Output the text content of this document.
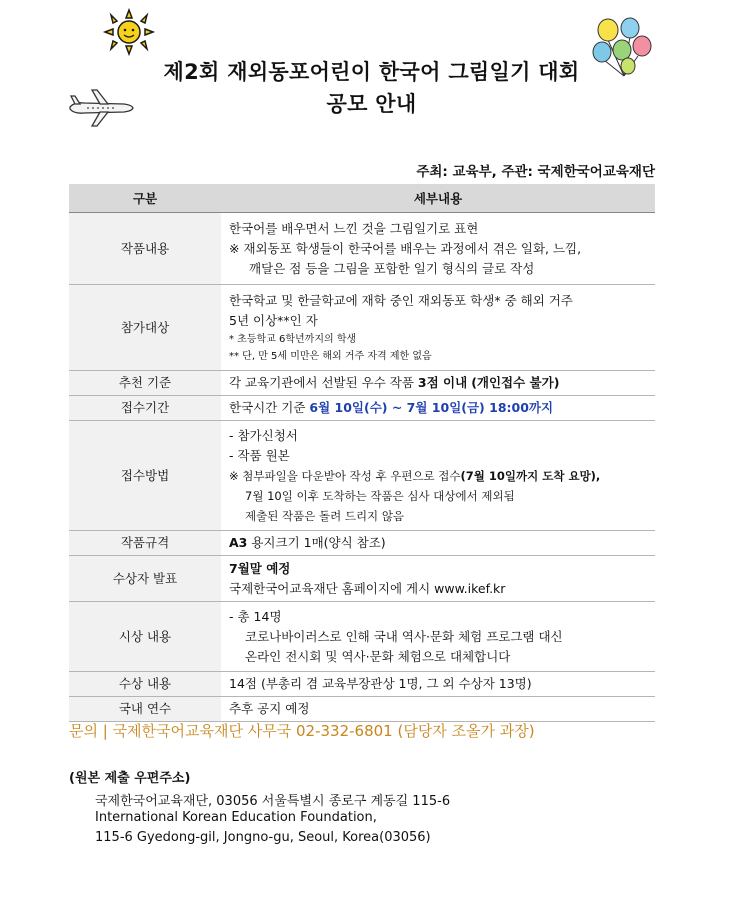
제2회 재외동포어린이 한국어 그림일기 대회
공모 안내
주최: 교육부, 주관: 국제한국어교육재단
구분	세부내용
작품내용	한국어를 배우면서 느낀 것을 그림일기로 표현
※ 재외동포 학생들이 한국어를 배우는 과정에서 겪은 일화, 느낌,
깨달은 점 등을 그림을 포함한 일기 형식의 글로 작성

참가대상	한국학교 및 한글학교에 재학 중인 재외동포 학생* 중 해외 거주
5년 이상**인 자
* 초등학교 6학년까지의 학생
** 단, 만 5세 미만은 해외 거주 자격 제한 없음

추천 기준	각 교육기관에서 선발된 우수 작품 3점 이내 (개인접수 불가)
접수기간	한국시간 기준 6월 10일(수) ~ 7월 10일(금) 18:00까지
접수방법	- 참가신청서
- 작품 원본
※ 첨부파일을 다운받아 작성 후 우편으로 접수(7월 10일까지 도착 요망),
7월 10일 이후 도착하는 작품은 심사 대상에서 제외됨
제출된 작품은 돌려 드리지 않음

작품규격	A3 용지크기 1매(양식 참조)
수상자 발표	7월말 예정
국제한국어교육재단 홈페이지에 게시 www.ikef.kr

시상 내용	- 총 14명
코로나바이러스로 인해 국내 역사·문화 체험 프로그램 대신
온라인 전시회 및 역사·문화 체험으로 대체합니다

수상 내용	14점 (부총리 겸 교육부장관상 1명, 그 외 수상자 13명)
국내 연수	추후 공지 예정
문의 | 국제한국어교육재단 사무국 02-332-6801 (담당자 조올가 과장)
(원본 제출 우편주소)
국제한국어교육재단, 03056 서울특별시 종로구 계동길 115-6
International Korean Education Foundation,
115-6 Gyedong-gil, Jongno-gu, Seoul, Korea(03056)
